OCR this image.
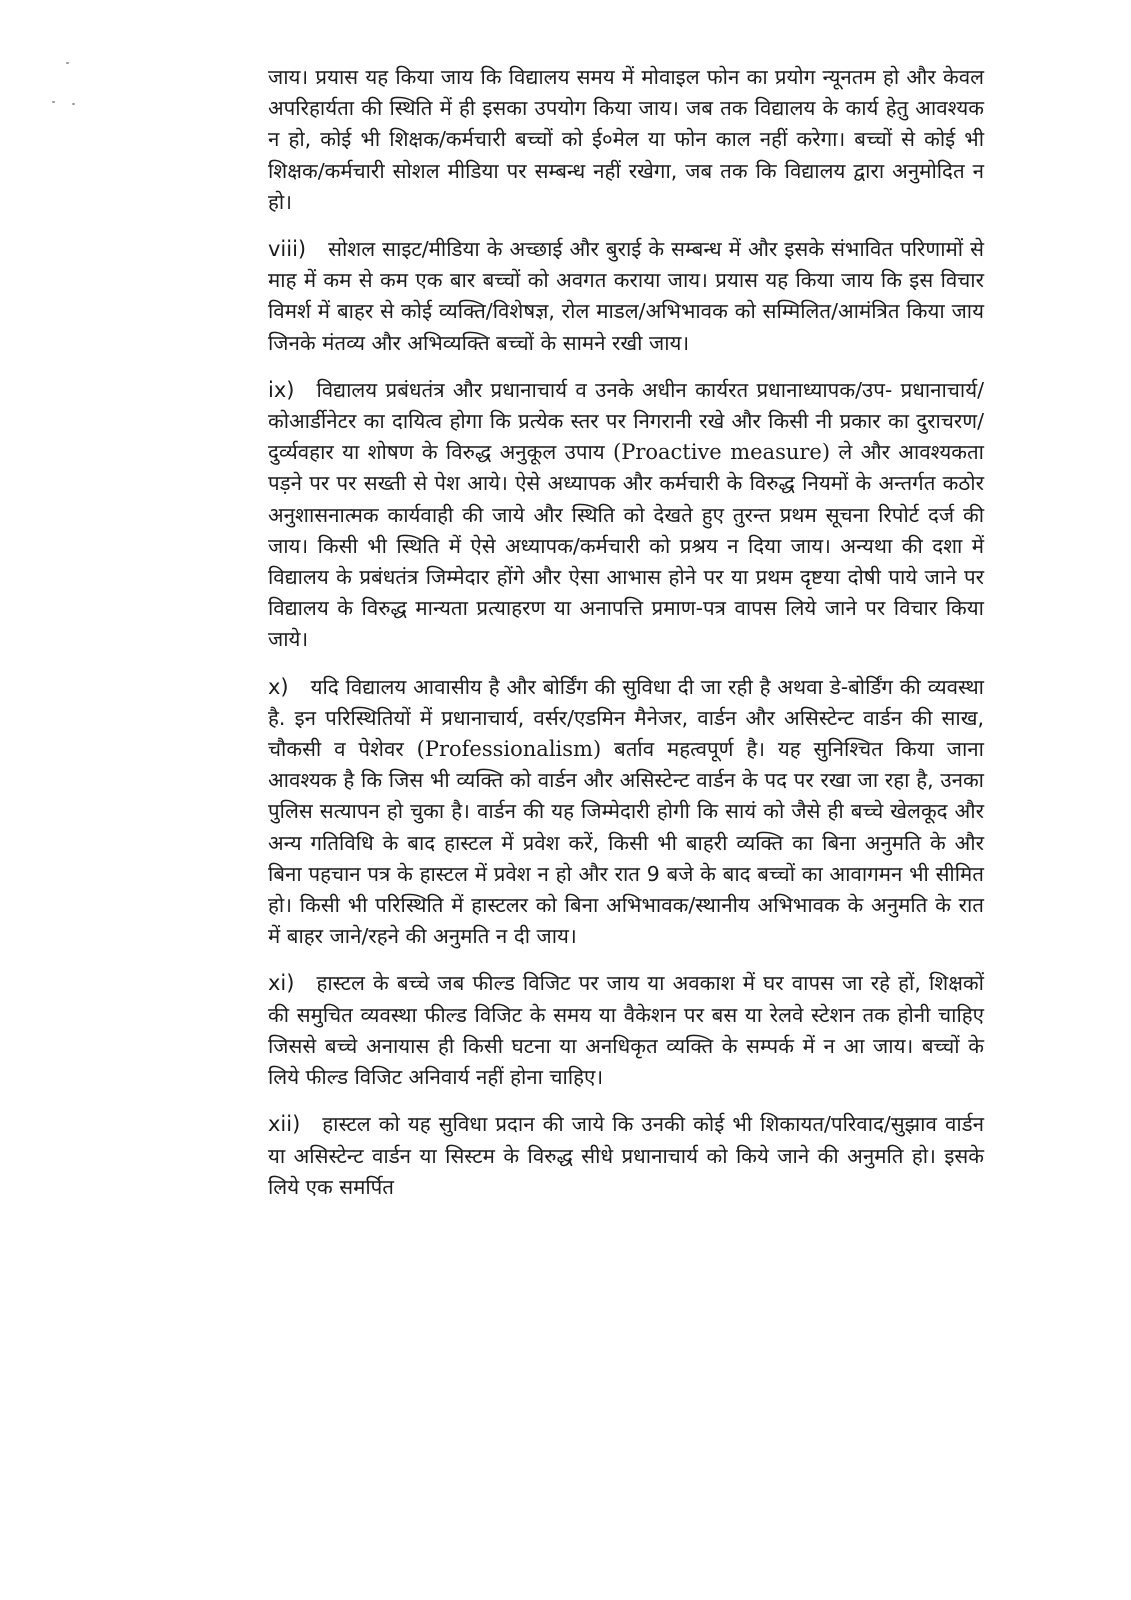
जाय। प्रयास यह किया जाय कि विद्यालय समय में मोवाइल फोन का प्रयोग न्यूनतम हो और केवल अपरिहार्यता की स्थिति में ही इसका उपयोग किया जाय। जब तक विद्यालय के कार्य हेतु आवश्यक न हो, कोई भी शिक्षक/कर्मचारी बच्चों को ई०मेल या फोन काल नहीं करेगा। बच्चों से कोई भी शिक्षक/कर्मचारी सोशल मीडिया पर सम्बन्ध नहीं रखेगा, जब तक कि विद्यालय द्वारा अनुमोदित न हो।

viii) सोशल साइट/मीडिया के अच्छाई और बुराई के सम्बन्ध में और इसके संभावित परिणामों से माह में कम से कम एक बार बच्चों को अवगत कराया जाय। प्रयास यह किया जाय कि इस विचार विमर्श में बाहर से कोई व्यक्ति/विशेषज्ञ, रोल माडल/अभिभावक को सम्मिलित/आमंत्रित किया जाय जिनके मंतव्य और अभिव्यक्ति बच्चों के सामने रखी जाय।

ix) विद्यालय प्रबंधतंत्र और प्रधानाचार्य व उनके अधीन कार्यरत प्रधानाध्यापक/उप- प्रधानाचार्य/कोआर्डीनेटर का दायित्व होगा कि प्रत्येक स्तर पर निगरानी रखे और किसी नी प्रकार का दुराचरण/दुर्व्यवहार या शोषण के विरुद्ध अनुकूल उपाय (Proactive measure) ले और आवश्यकता पड़ने पर पर सख्ती से पेश आये। ऐसे अध्यापक और कर्मचारी के विरुद्ध नियमों के अन्तर्गत कठोर अनुशासनात्मक कार्यवाही की जाये और स्थिति को देखते हुए तुरन्त प्रथम सूचना रिपोर्ट दर्ज की जाय। किसी भी स्थिति में ऐसे अध्यापक/कर्मचारी को प्रश्रय न दिया जाय। अन्यथा की दशा में विद्यालय के प्रबंधतंत्र जिम्मेदार होंगे और ऐसा आभास होने पर या प्रथम दृष्टया दोषी पाये जाने पर विद्यालय के विरुद्ध मान्यता प्रत्याहरण या अनापत्ति प्रमाण-पत्र वापस लिये जाने पर विचार किया जाये।

x) यदि विद्यालय आवासीय है और बोर्डिंग की सुविधा दी जा रही है अथवा डे-बोर्डिंग की व्यवस्था है. इन परिस्थितियों में प्रधानाचार्य, वर्सर/एडमिन मैनेजर, वार्डन और असिस्टेन्ट वार्डन की साख, चौकसी व पेशेवर (Professionalism) बर्ताव महत्वपूर्ण है। यह सुनिश्चित किया जाना आवश्यक है कि जिस भी व्यक्ति को वार्डन और असिस्टेन्ट वार्डन के पद पर रखा जा रहा है, उनका पुलिस सत्यापन हो चुका है। वार्डन की यह जिम्मेदारी होगी कि सायं को जैसे ही बच्चे खेलकूद और अन्य गतिविधि के बाद हास्टल में प्रवेश करें, किसी भी बाहरी व्यक्ति का बिना अनुमति के और बिना पहचान पत्र के हास्टल में प्रवेश न हो और रात 9 बजे के बाद बच्चों का आवागमन भी सीमित हो। किसी भी परिस्थिति में हास्टलर को बिना अभिभावक/स्थानीय अभिभावक के अनुमति के रात में बाहर जाने/रहने की अनुमति न दी जाय।

xi) हास्टल के बच्चे जब फील्ड विजिट पर जाय या अवकाश में घर वापस जा रहे हों, शिक्षकों की समुचित व्यवस्था फील्ड विजिट के समय या वैकेशन पर बस या रेलवे स्टेशन तक होनी चाहिए जिससे बच्चे अनायास ही किसी घटना या अनधिकृत व्यक्ति के सम्पर्क में न आ जाय। बच्चों के लिये फील्ड विजिट अनिवार्य नहीं होना चाहिए।

xii) हास्टल को यह सुविधा प्रदान की जाये कि उनकी कोई भी शिकायत/परिवाद/सुझाव वार्डन या असिस्टेन्ट वार्डन या सिस्टम के विरुद्ध सीधे प्रधानाचार्य को किये जाने की अनुमति हो। इसके लिये एक समर्पित
